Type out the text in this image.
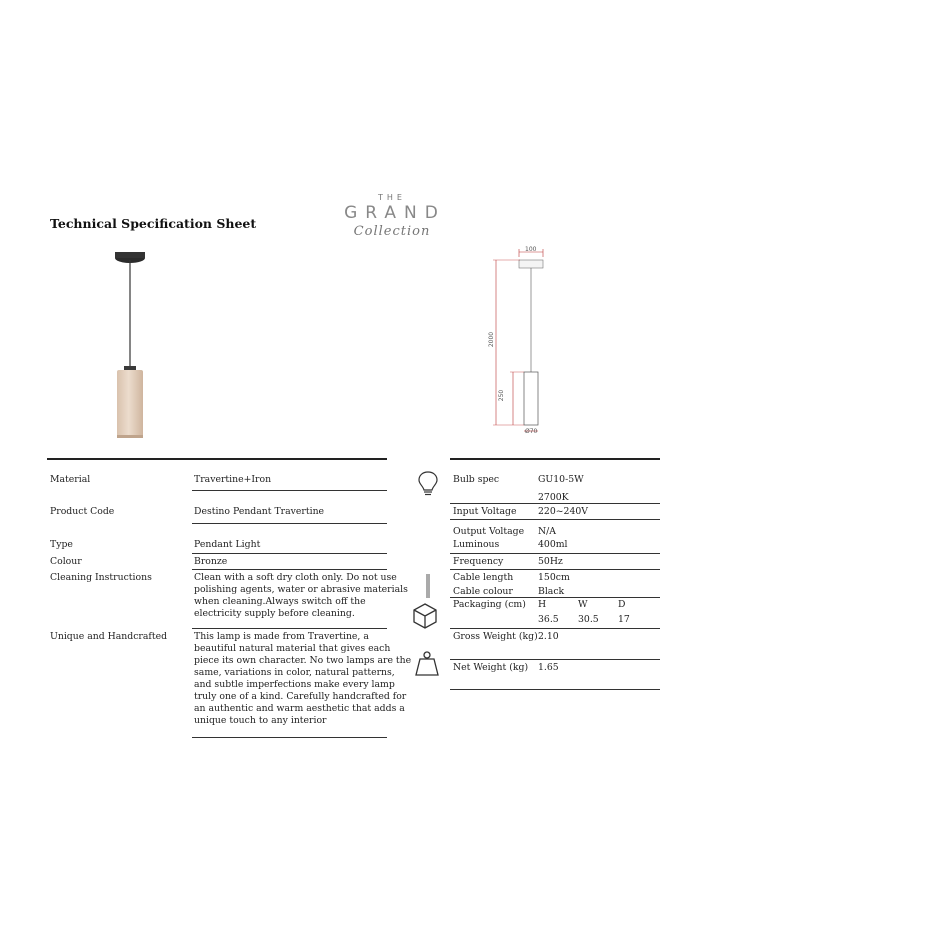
Technical Specification Sheet
THE
GRAND
Collection
100
2000
250
Ø70
Material	Travertine+Iron
Product Code	Destino Pendant Travertine
Type	Pendant Light
Colour	Bronze
Cleaning Instructions	Clean with a soft dry cloth only. Do not use
polishing agents, water or abrasive materials
when cleaning.Always switch off the
electricity supply before cleaning.
Unique and Handcrafted	This lamp is made from Travertine, a
beautiful natural material that gives each
piece its own character. No two lamps are the
same, variations in color, natural patterns,
and subtle imperfections make every lamp
truly one of a kind. Carefully handcrafted for
an authentic and warm aesthetic that adds a
unique touch to any interior
Bulb spec	GU10-5W
2700K
Input Voltage 220~240V
Output Voltage N/A
Luminous	400ml
Frequency	50Hz
Cable length	150cm
Cable colour	Black
Packaging (cm) H	W	D
36.5 30.5 17
Gross Weight (kg) 2.10
Net Weight (kg) 1.65
